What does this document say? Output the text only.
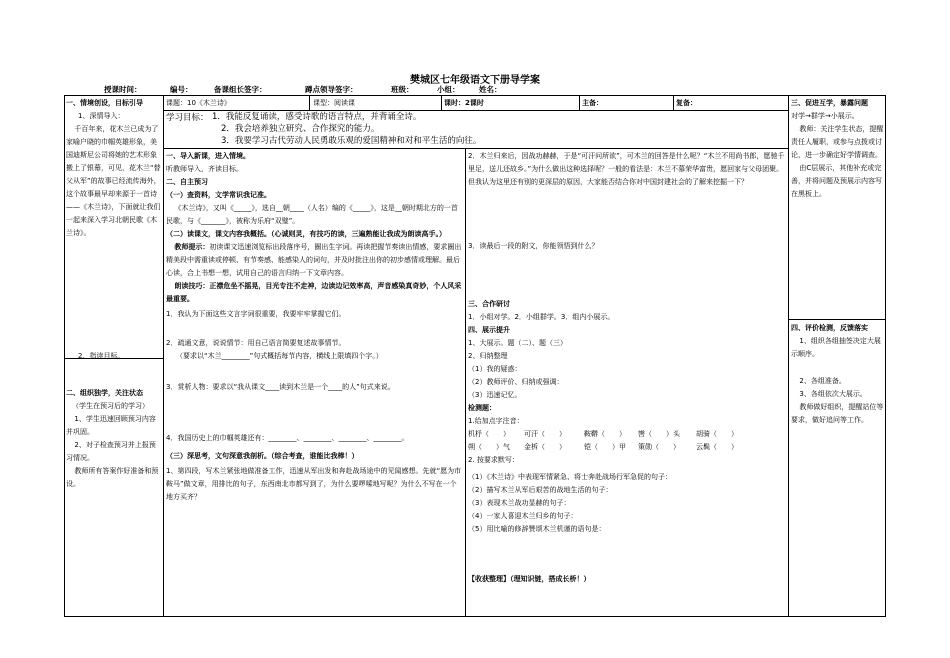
樊城区七年级语文下册导学案
授课时间：	编号：	备课组长签字：	蹲点领导签字：	班级：	小组：	姓名：
课题：10《木兰诗》	课型：阅读课	课时：2课时	主备：	复备：
学习目标： 1．我能反复诵读，感受诗歌的语言特点，并背诵全诗。
2．我会培养独立研究、合作探究的能力。
3．我要学习古代劳动人民勇敢乐观的爱国精神和对和平生活的向往。

一、情境创设，目标引导

1、深情导入：

千百年来，花木兰已成为了家喻户晓的巾帼英雄形象，美国迪斯尼公司将她的艺术形象搬上了银幕，可见，花木兰“替父从军”的故事已经流传海外，这个故事最早却来源于一首诗——《木兰诗》，下面就让我们一起来深入学习北朝民歌《木兰诗》。

2、指读目标。

二、组织独学，关注状态

（学生在预习后的学习）

1、学生迅速回顾预习内容并巩固。

2、对子检查预习并上报预习情况。

教师所有答案作好准备和预设。

一、导入新课，进入情境。

听教师导入，齐读目标。

二、自主预习

（一）查资料，文学常识我记准。

《木兰诗》，又叫《_____》，选自__朝____（人名）编的《_____》，这是__朝时期北方的一首民歌，与《_______》，被称为乐府“双璧”。

（二）读课文，课文内容我概括。（心诚则灵，有技巧的读，三遍熟能让我成为朗读高手。）

教师提示：初读课文迅速浏览标出段落序号，圈出生字词。再读把握节奏读出情感，要求圈出精美段中需重读或停顿、有节奏感、能感染人的词句，并及时批注出你的初步感情或理解。最后心读，合上书想一想，试用自己的语言归纳一下文章内容。

朗读技巧：正襟危坐不摇晃，目光专注不走神，边读边记效率高，声音感染真奇妙，个人风采最重要。

1．我认为下面这些文言字词很重要，我要牢牢掌握它们。
2．疏通文意，说说情节：用自己语言简要复述故事情节。
（要求以“木兰________”句式概括每节内容，横线上限填四个字。）
3．赏析人物：要求以“我从课文____读到木兰是一个____的人”句式来说。
4．我国历史上的巾帼英雄还有：________、________、________、________。
（三）深思考，文句深意我剖析。（综合考查，谁能比我棒！）
1、第四段，写木兰紧张地做准备工作，迅速从军出发和奔赴战场途中的见闻感想。先就“愿为市鞍马”做文章，用排比的句子，东西南北市都写到了，为什么要啰嗦地写呢？为什么不写在一个地方买齐？
2．木兰归来后，因战功赫赫，于是“可汗问所欲”，可木兰的回答是什么呢？“木兰不用尚书郎，愿驰千里足，送儿还故乡。”为什么做出这种选择呢？一般的看法是：木兰不慕荣华富贵，愿回家与父母团聚。但我认为这里还有别的更深层的原因，大家能否结合你对中国封建社会的了解来挖掘一下？
3．读最后一段的附文，你能领悟到什么？

三、合作研讨

1．小组对学。2．小组群学。3．组内小展示。

四、展示提升

1、大展示。题（二）、题（三）

2、归纳整理

（1）我的疑惑：

（2）教师评价、归纳或强调：

（3）迅速记忆。

检测题：

1.给加点字注音：

机杼（　　） 可汗（　　）	鞍鞯（　　） 辔（　　）头 胡骑（　　）

朔（　　）气 金柝（　　）	铠（　　）甲 策勋（　　） 云鬓（　　）

2. 按要求默写：

（1）《木兰诗》中表现军情紧急、将士奔赴战场行军急促的句子：

（2）描写木兰从军后艰苦的战地生活的句子：

（3）表现木兰战功显赫的句子：

（4）一家人喜迎木兰归乡的句子：

（5）用比喻的修辞赞颂木兰机谨的语句是：

【收获整理】（理知识链，搭成长桥！）

三、促进互学，暴露问题

对学→群学→小展示。

教师：关注学生状态，提醒责任人履职，或参与点拨或讨论，进一步确定好学情调查。

由C层展示，其他补充或完善，并将问题及预展示内容写在黑板上。

四、评价检测，反馈落实

1、组织各组抽签决定大展示顺序。

2、各组准备。

3、各组依次大展示。

教师做好组织，提醒站位等要求，做好追问等工作。
